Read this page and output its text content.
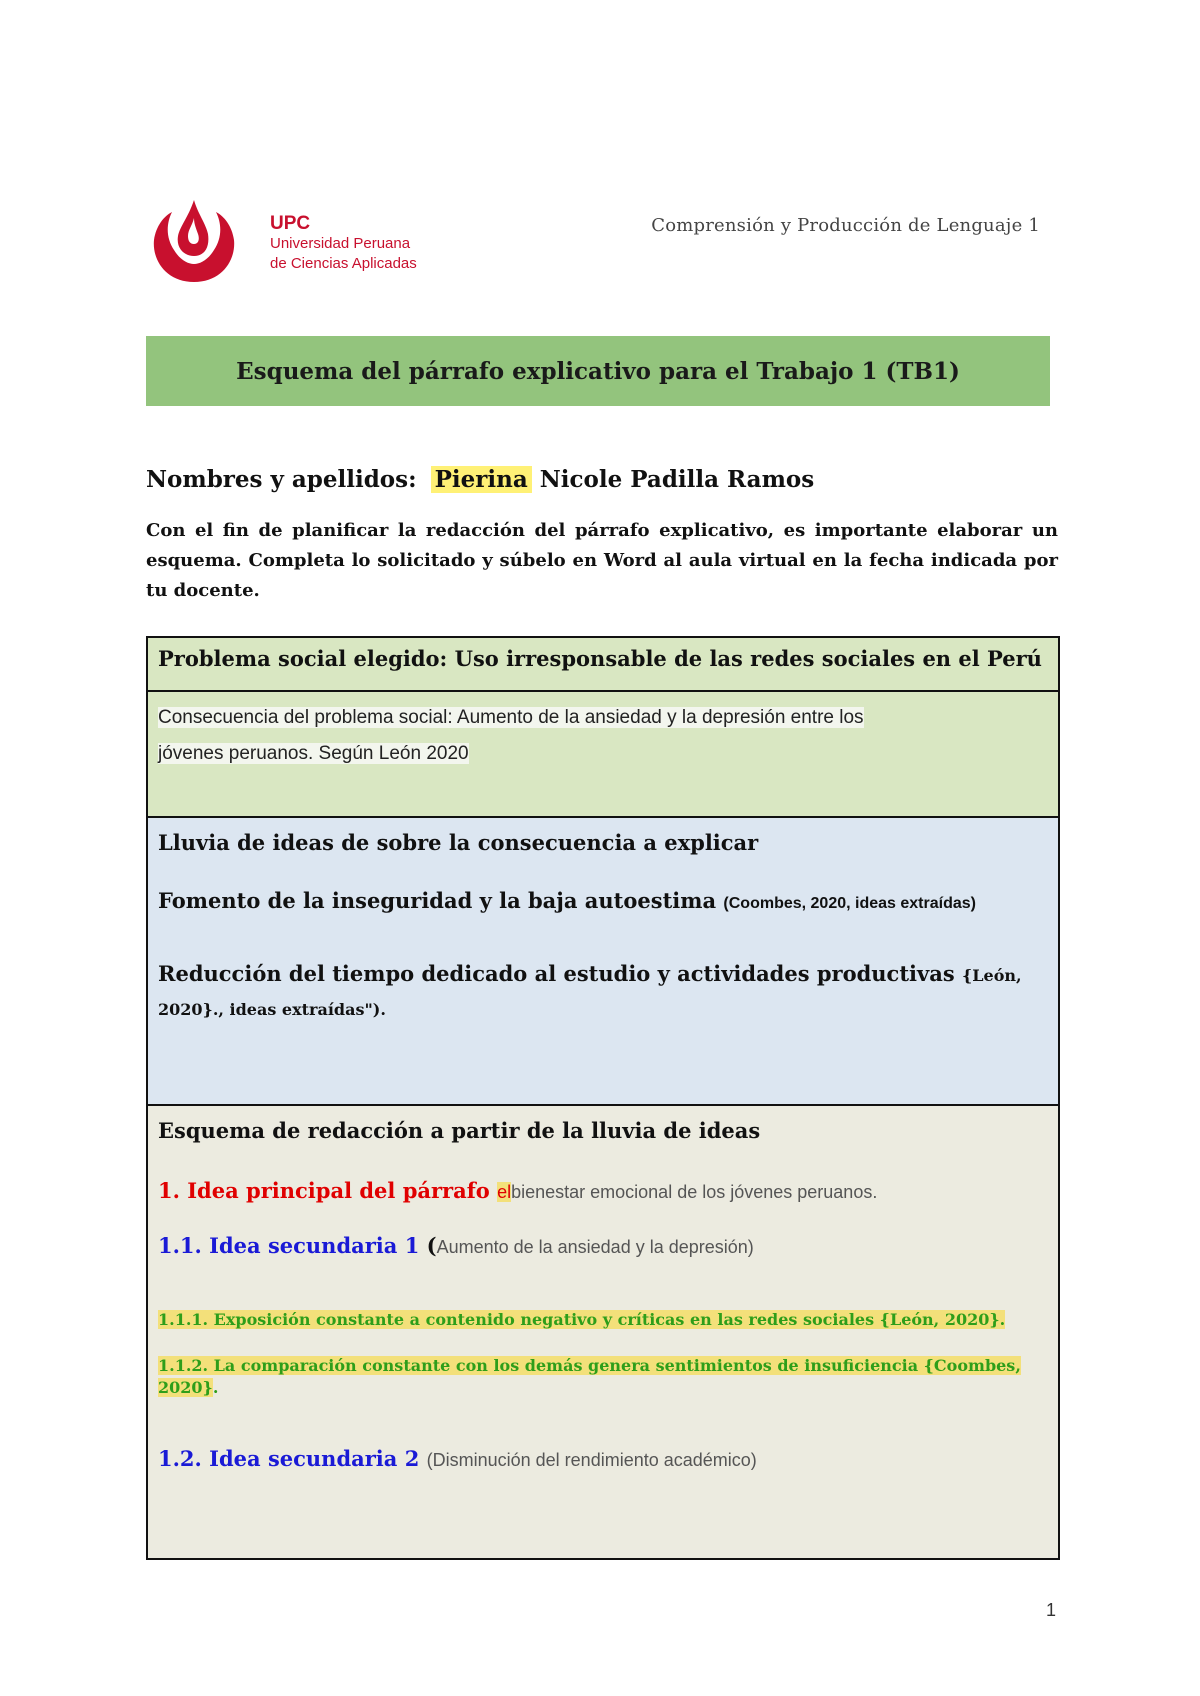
UPC
Universidad Peruana
de Ciencias Aplicadas
Comprensión y Producción de Lenguaje 1
Esquema del párrafo explicativo para el Trabajo 1 (TB1)
Nombres y apellidos: Pierina Nicole Padilla Ramos
Con el fin de planificar la redacción del párrafo explicativo, es importante elaborar un esquema. Completa lo solicitado y súbelo en Word al aula virtual en la fecha indicada por tu docente.
Problema social elegido: Uso irresponsable de las redes sociales en el Perú
Consecuencia del problema social: Aumento de la ansiedad y la depresión entre los
jóvenes peruanos. Según León 2020
Lluvia de ideas de sobre la consecuencia a explicar
Fomento de la inseguridad y la baja autoestima (Coombes, 2020, ideas extraídas)
Reducción del tiempo dedicado al estudio y actividades productivas {León,
2020}., ideas extraídas").
Esquema de redacción a partir de la lluvia de ideas
1. Idea principal del párrafo elbienestar emocional de los jóvenes peruanos.
1.1. Idea secundaria 1 (Aumento de la ansiedad y la depresión)
1.1.1. Exposición constante a contenido negativo y críticas en las redes sociales {León, 2020}.
1.1.2. La comparación constante con los demás genera sentimientos de insuficiencia {Coombes,
2020}.
1.2. Idea secundaria 2 (Disminución del rendimiento académico)
1
